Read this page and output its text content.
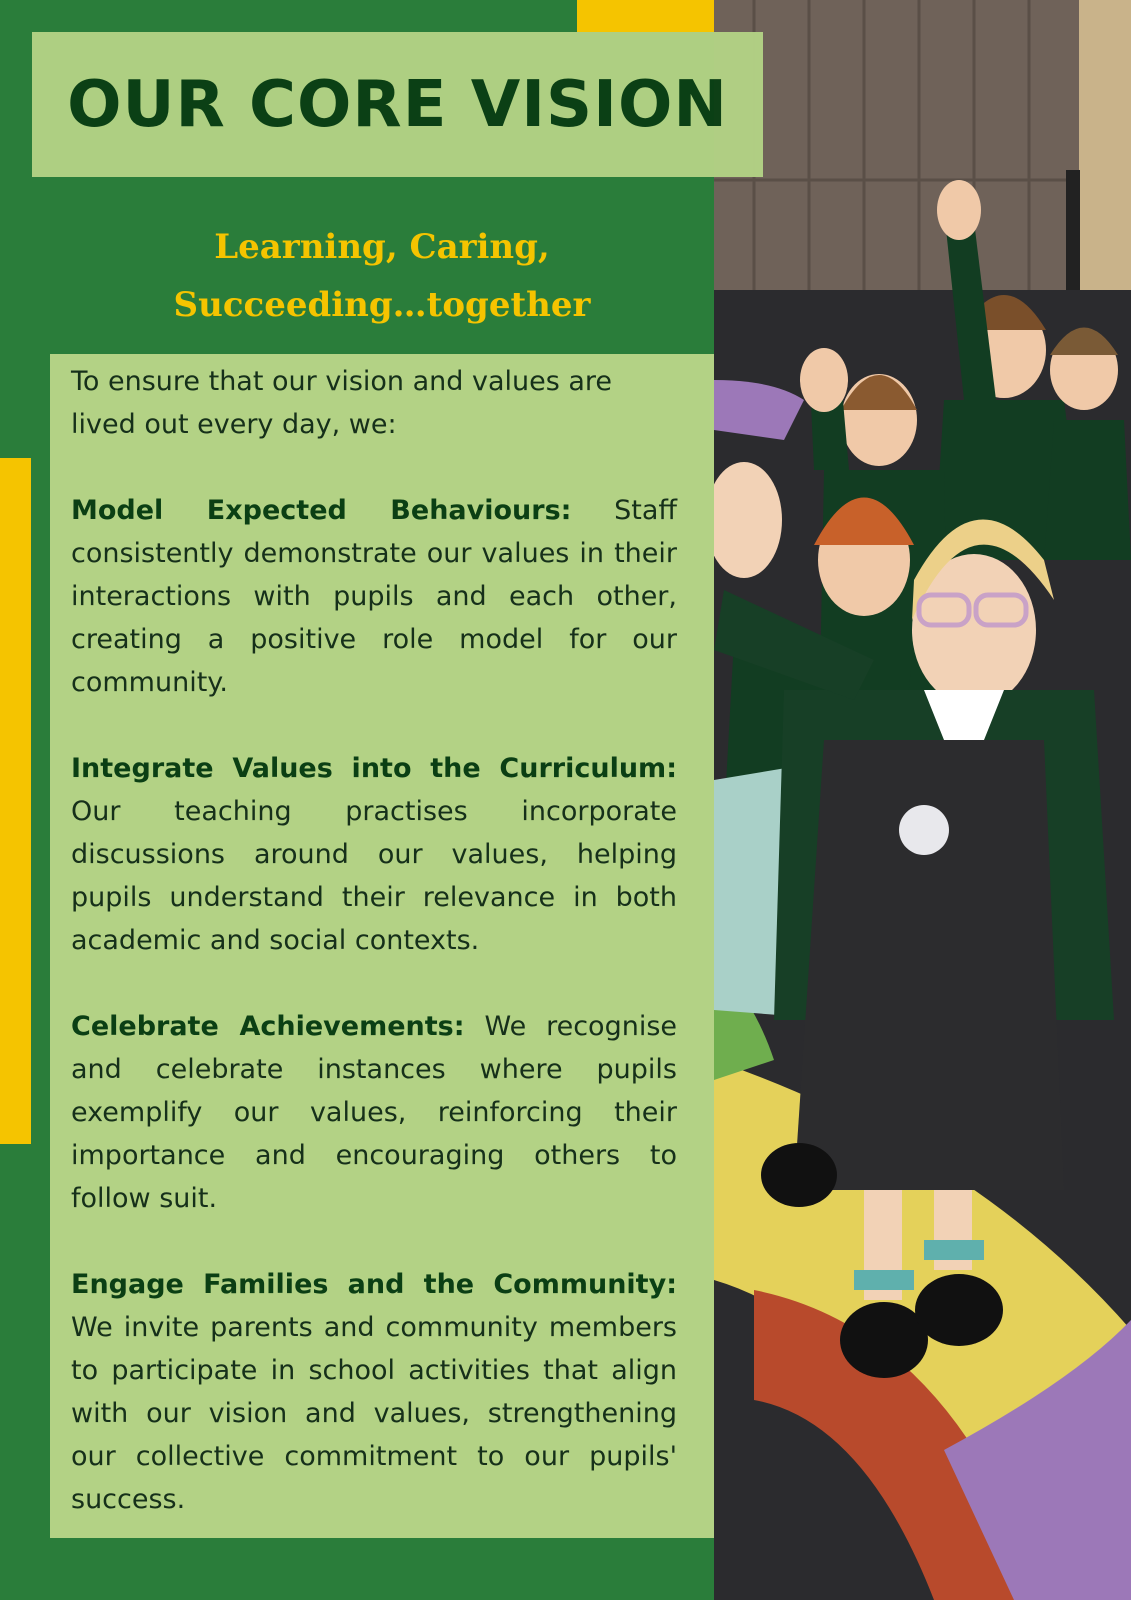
OUR CORE VISION
Learning, Caring,
Succeeding…together

To ensure that our vision and values are lived out every day, we:

Model Expected Behaviours: Staff consistently demonstrate our values in their interactions with pupils and each other, creating a positive role model for our community.

Integrate Values into the Curriculum: Our teaching practises incorporate discussions around our values, helping pupils understand their relevance in both academic and social contexts.

Celebrate Achievements: We recognise and celebrate instances where pupils exemplify our values, reinforcing their importance and encouraging others to follow suit.

Engage Families and the Community: We invite parents and community members to participate in school activities that align with our vision and values, strengthening our collective commitment to our pupils' success.
